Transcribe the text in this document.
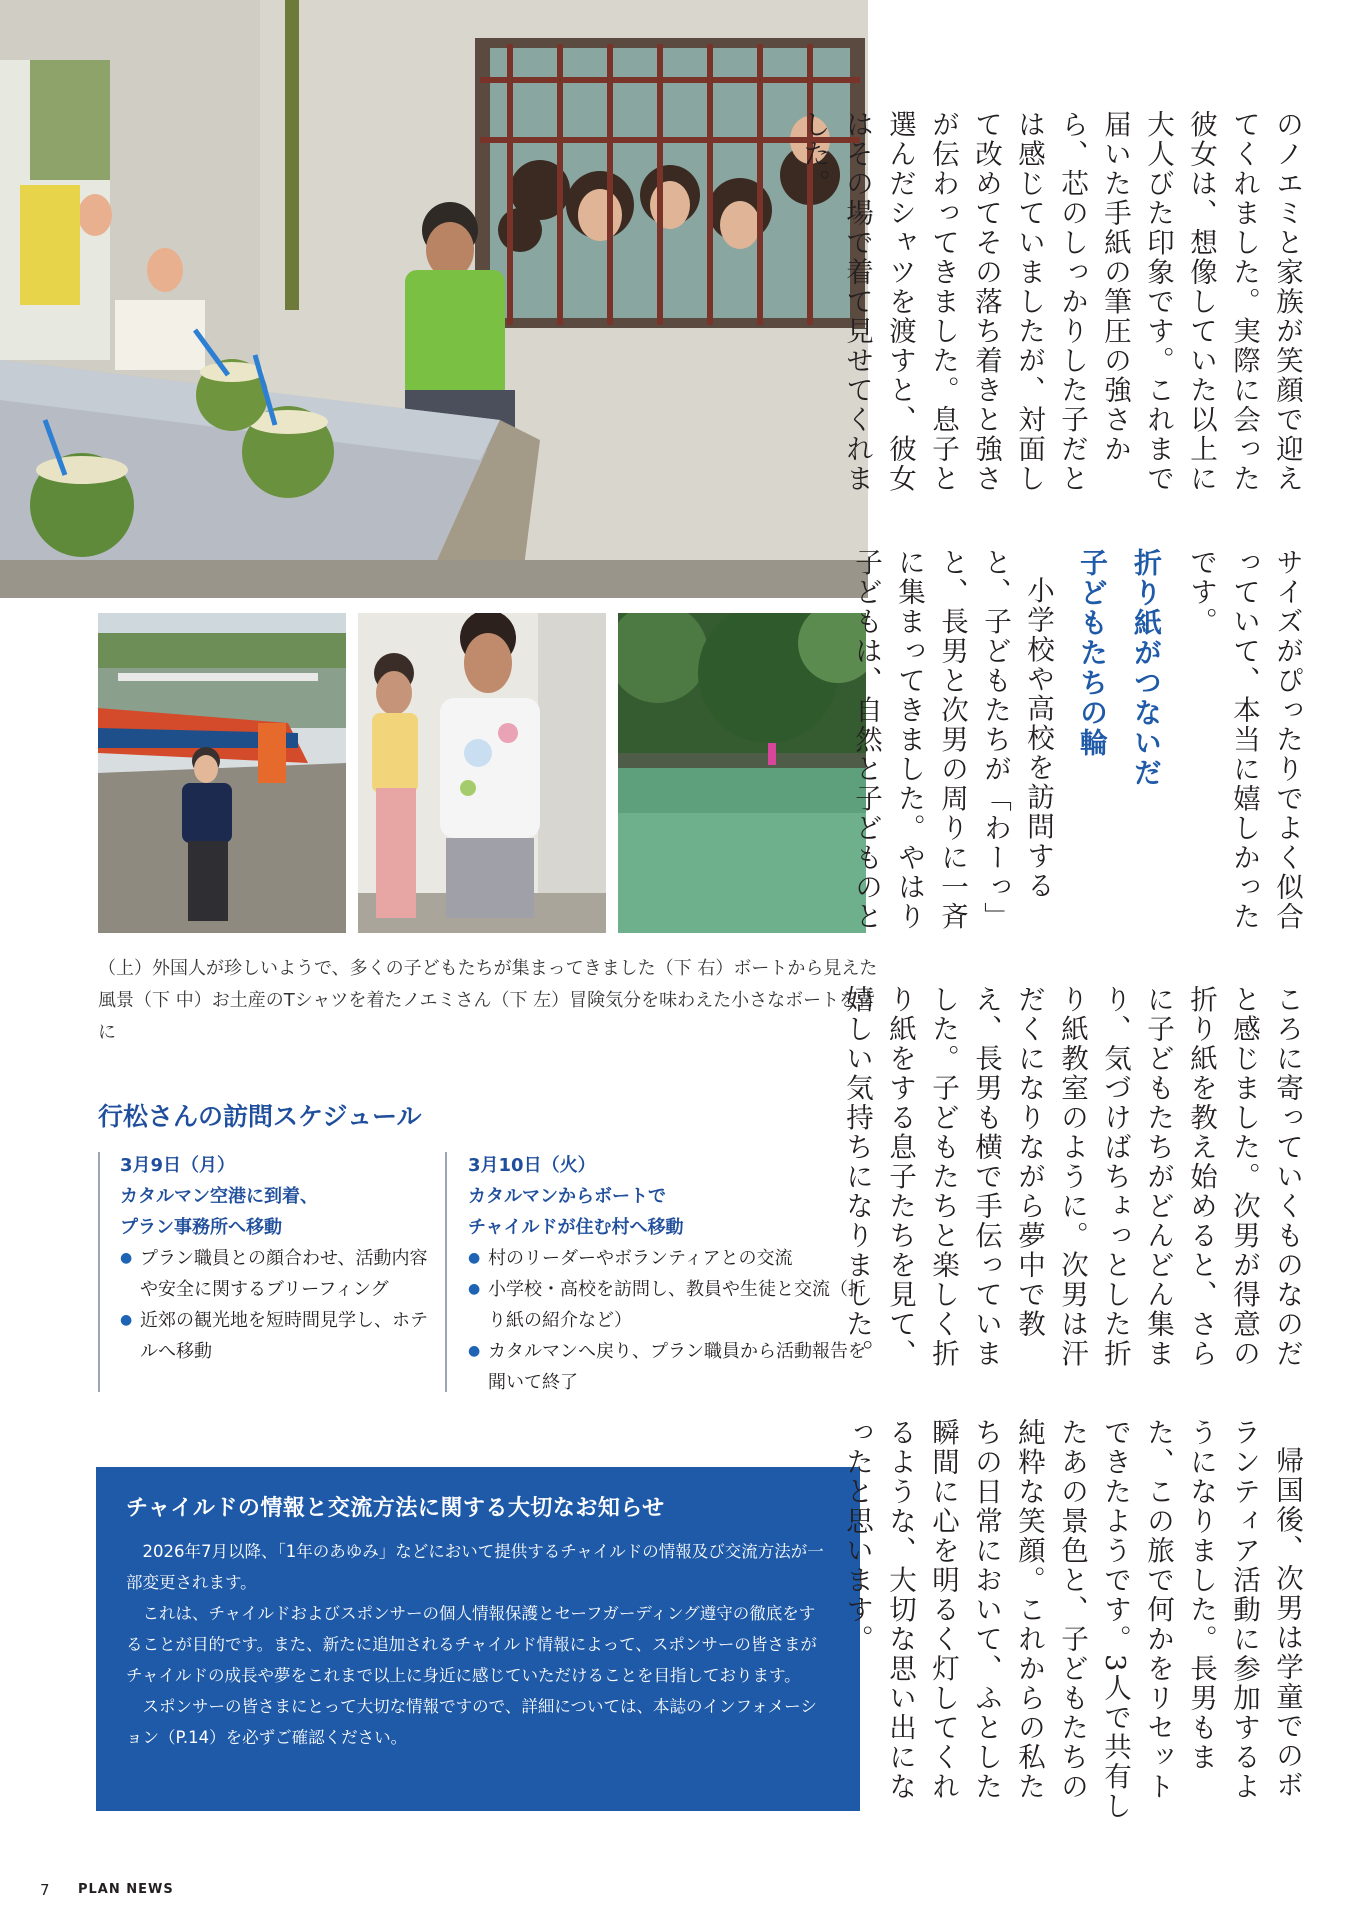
（上）外国人が珍しいようで、多くの子どもたちが集まってきました（下 右）ボートから見えた風景（下 中）お土産のTシャツを着たノエミさん（下 左）冒険気分を味わえた小さなボートを背に
行松さんの訪問スケジュール
3月9日（月）
カタルマン空港に到着、
プラン事務所へ移動
● プラン職員との顔合わせ、活動内容や安全に関するブリーフィング
● 近郊の観光地を短時間見学し、ホテルへ移動
3月10日（火）
カタルマンからボートで
チャイルドが住む村へ移動
● 村のリーダーやボランティアとの交流
● 小学校・高校を訪問し、教員や生徒と交流（折り紙の紹介など）
● カタルマンへ戻り、プラン職員から活動報告を聞いて終了
チャイルドの情報と交流方法に関する大切なお知らせ

2026年7月以降、「1年のあゆみ」などにおいて提供するチャイルドの情報及び交流方法が一部変更されます。

これは、チャイルドおよびスポンサーの個人情報保護とセーフガーディング遵守の徹底をすることが目的です。また、新たに追加されるチャイルド情報によって、スポンサーの皆さまがチャイルドの成長や夢をこれまで以上に身近に感じていただけることを目指しております。

スポンサーの皆さまにとって大切な情報ですので、詳細については、本誌のインフォメーション（P.14）を必ずご確認ください。

のノエミと家族が笑顔で迎えてくれました。実際に会った彼女は、想像していた以上に大人びた印象です。これまで届いた手紙の筆圧の強さから、芯のしっかりした子だとは感じていましたが、対面して改めてその落ち着きと強さが伝わってきました。息子と選んだシャツを渡すと、彼女はその場で着て見せてくれました。
サイズがぴったりでよく似合っていて、本当に嬉しかったです。
折り紙がつないだ
子どもたちの輪
小学校や高校を訪問すると、子どもたちが「わーっ」と、長男と次男の周りに一斉に集まってきました。やはり子どもは、自然と子どものと
ころに寄っていくものなのだと感じました。次男が得意の折り紙を教え始めると、さらに子どもたちがどんどん集まり、気づけばちょっとした折り紙教室のように。次男は汗だくになりながら夢中で教え、長男も横で手伝っていました。子どもたちと楽しく折り紙をする息子たちを見て、嬉しい気持ちになりました。
帰国後、次男は学童でのボランティア活動に参加するようになりました。長男もまた、この旅で何かをリセットできたようです。3人で共有したあの景色と、子どもたちの純粋な笑顔。これからの私たちの日常において、ふとした瞬間に心を明るく灯してくれるような、大切な思い出になったと思います。
7 PLAN NEWS
